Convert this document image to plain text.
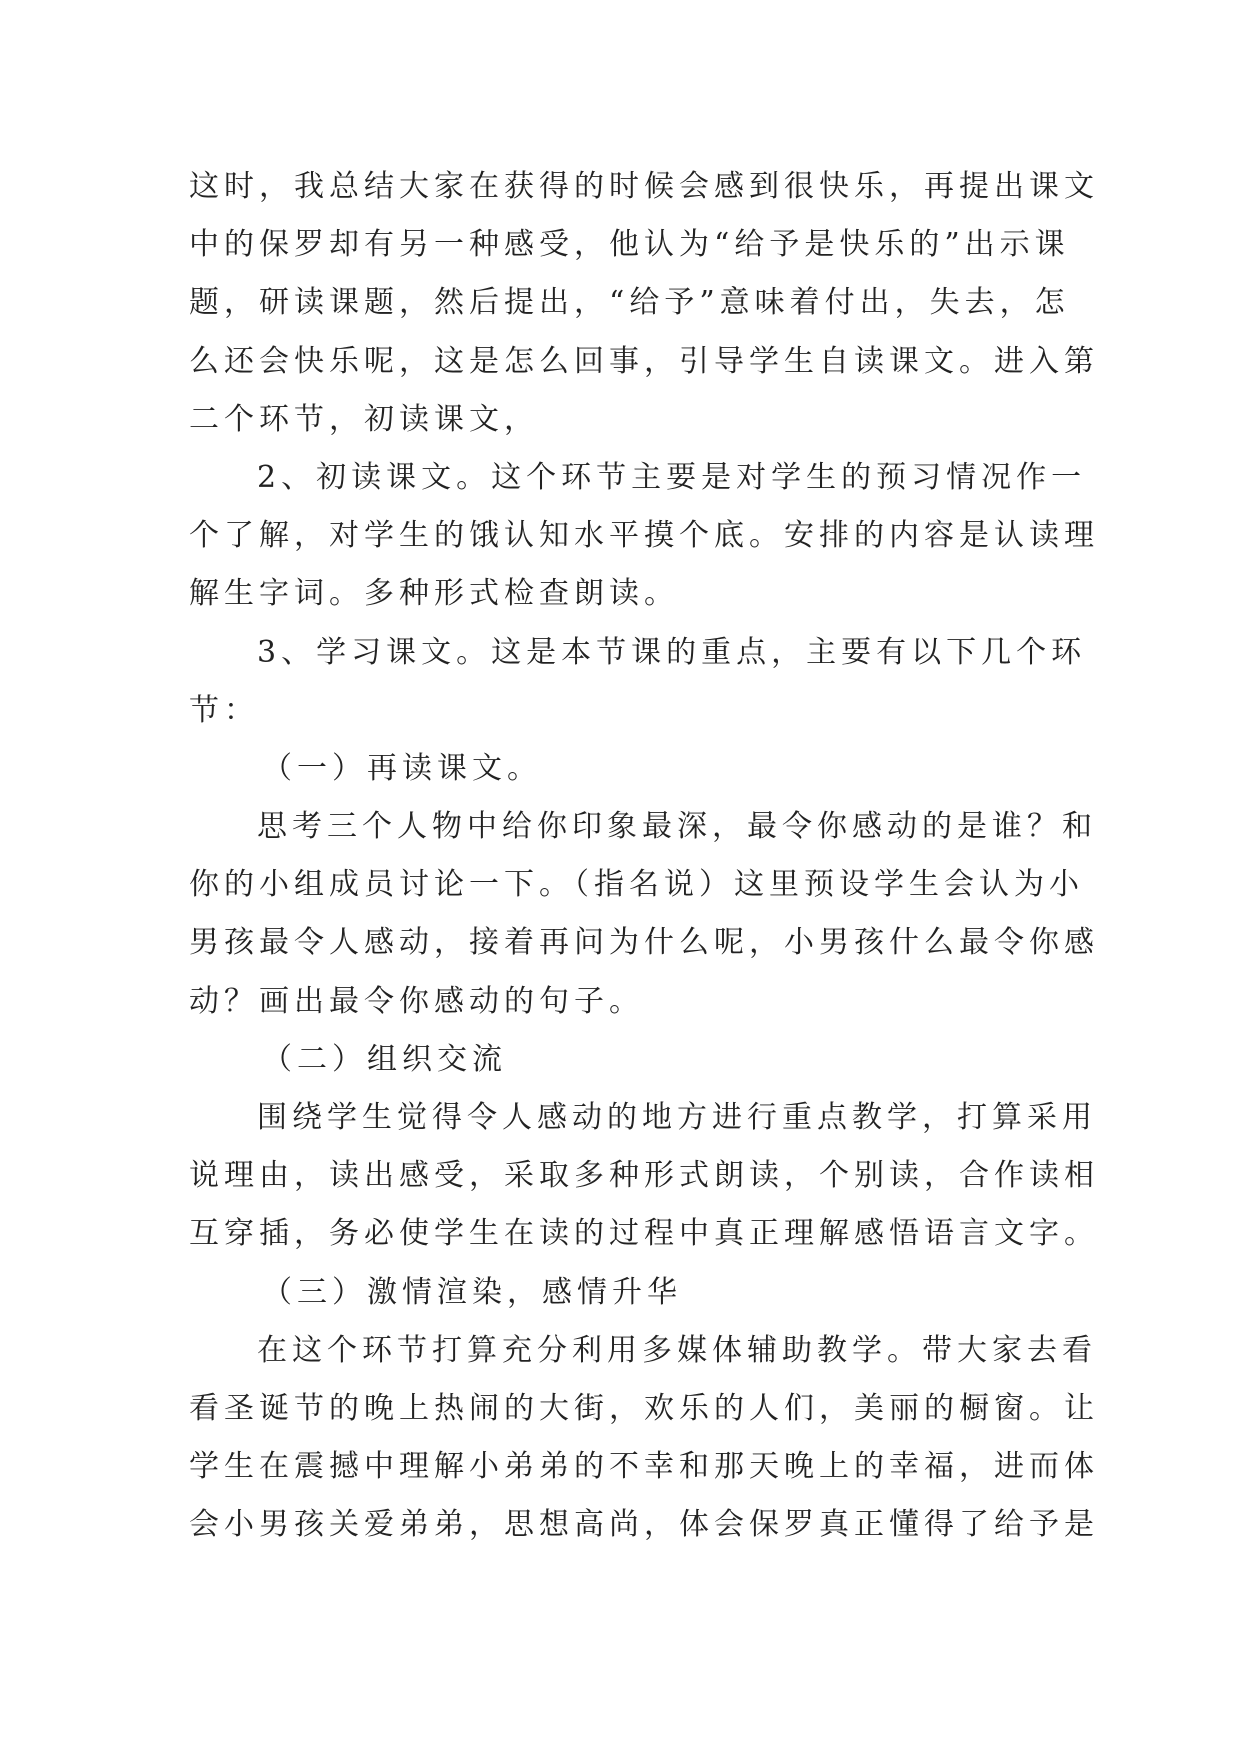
这时，我总结大家在获得的时候会感到很快乐，再提出课文
中的保罗却有另一种感受，他认为“给予是快乐的”出示课
题，研读课题，然后提出，“给予”意味着付出，失去，怎
么还会快乐呢，这是怎么回事，引导学生自读课文。进入第
二个环节，初读课文，
2、初读课文。这个环节主要是对学生的预习情况作一
个了解，对学生的饿认知水平摸个底。安排的内容是认读理
解生字词。多种形式检查朗读。
3、学习课文。这是本节课的重点，主要有以下几个环
节：
（一）再读课文。
思考三个人物中给你印象最深，最令你感动的是谁？和
你的小组成员讨论一下。（指名说）这里预设学生会认为小
男孩最令人感动，接着再问为什么呢，小男孩什么最令你感
动？画出最令你感动的句子。
（二）组织交流
围绕学生觉得令人感动的地方进行重点教学，打算采用
说理由，读出感受，采取多种形式朗读，个别读，合作读相
互穿插，务必使学生在读的过程中真正理解感悟语言文字。
（三）激情渲染，感情升华
在这个环节打算充分利用多媒体辅助教学。带大家去看
看圣诞节的晚上热闹的大街，欢乐的人们，美丽的橱窗。让
学生在震撼中理解小弟弟的不幸和那天晚上的幸福，进而体
会小男孩关爱弟弟，思想高尚，体会保罗真正懂得了给予是
